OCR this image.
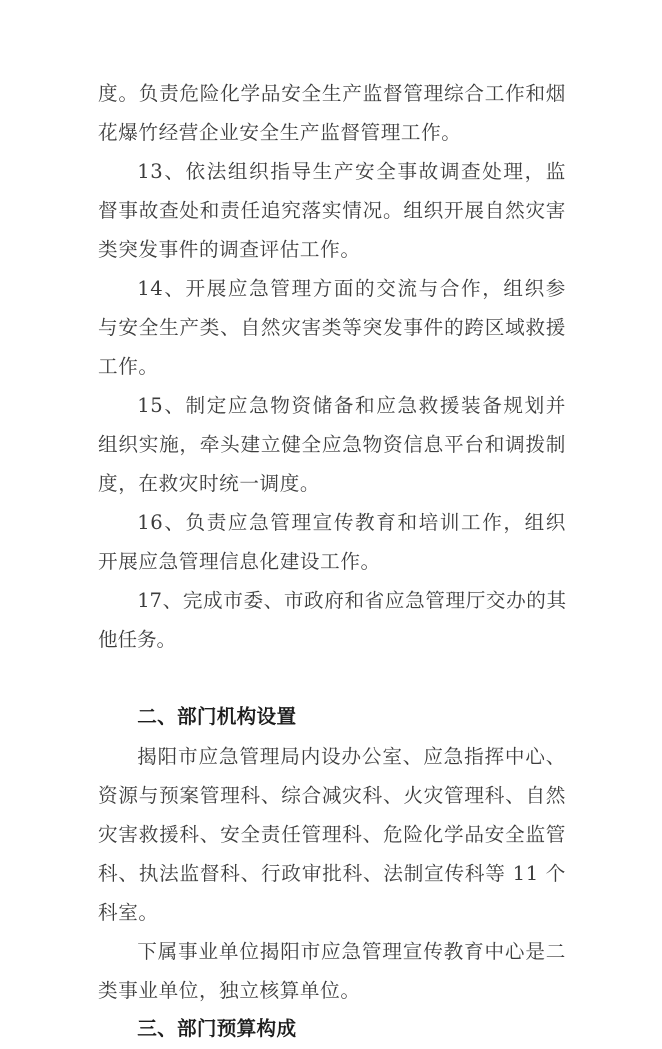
度。负责危险化学品安全生产监督管理综合工作和烟花爆竹经营企业安全生产监督管理工作。

13、依法组织指导生产安全事故调查处理，监督事故查处和责任追究落实情况。组织开展自然灾害类突发事件的调查评估工作。

14、开展应急管理方面的交流与合作，组织参与安全生产类、自然灾害类等突发事件的跨区域救援工作。

15、制定应急物资储备和应急救援装备规划并组织实施，牵头建立健全应急物资信息平台和调拨制度，在救灾时统一调度。

16、负责应急管理宣传教育和培训工作，组织开展应急管理信息化建设工作。

17、完成市委、市政府和省应急管理厅交办的其他任务。

二、部门机构设置

揭阳市应急管理局内设办公室、应急指挥中心、资源与预案管理科、综合减灾科、火灾管理科、自然灾害救援科、安全责任管理科、危险化学品安全监管科、执法监督科、行政审批科、法制宣传科等 11 个科室。

下属事业单位揭阳市应急管理宣传教育中心是二类事业单位，独立核算单位。

三、部门预算构成
